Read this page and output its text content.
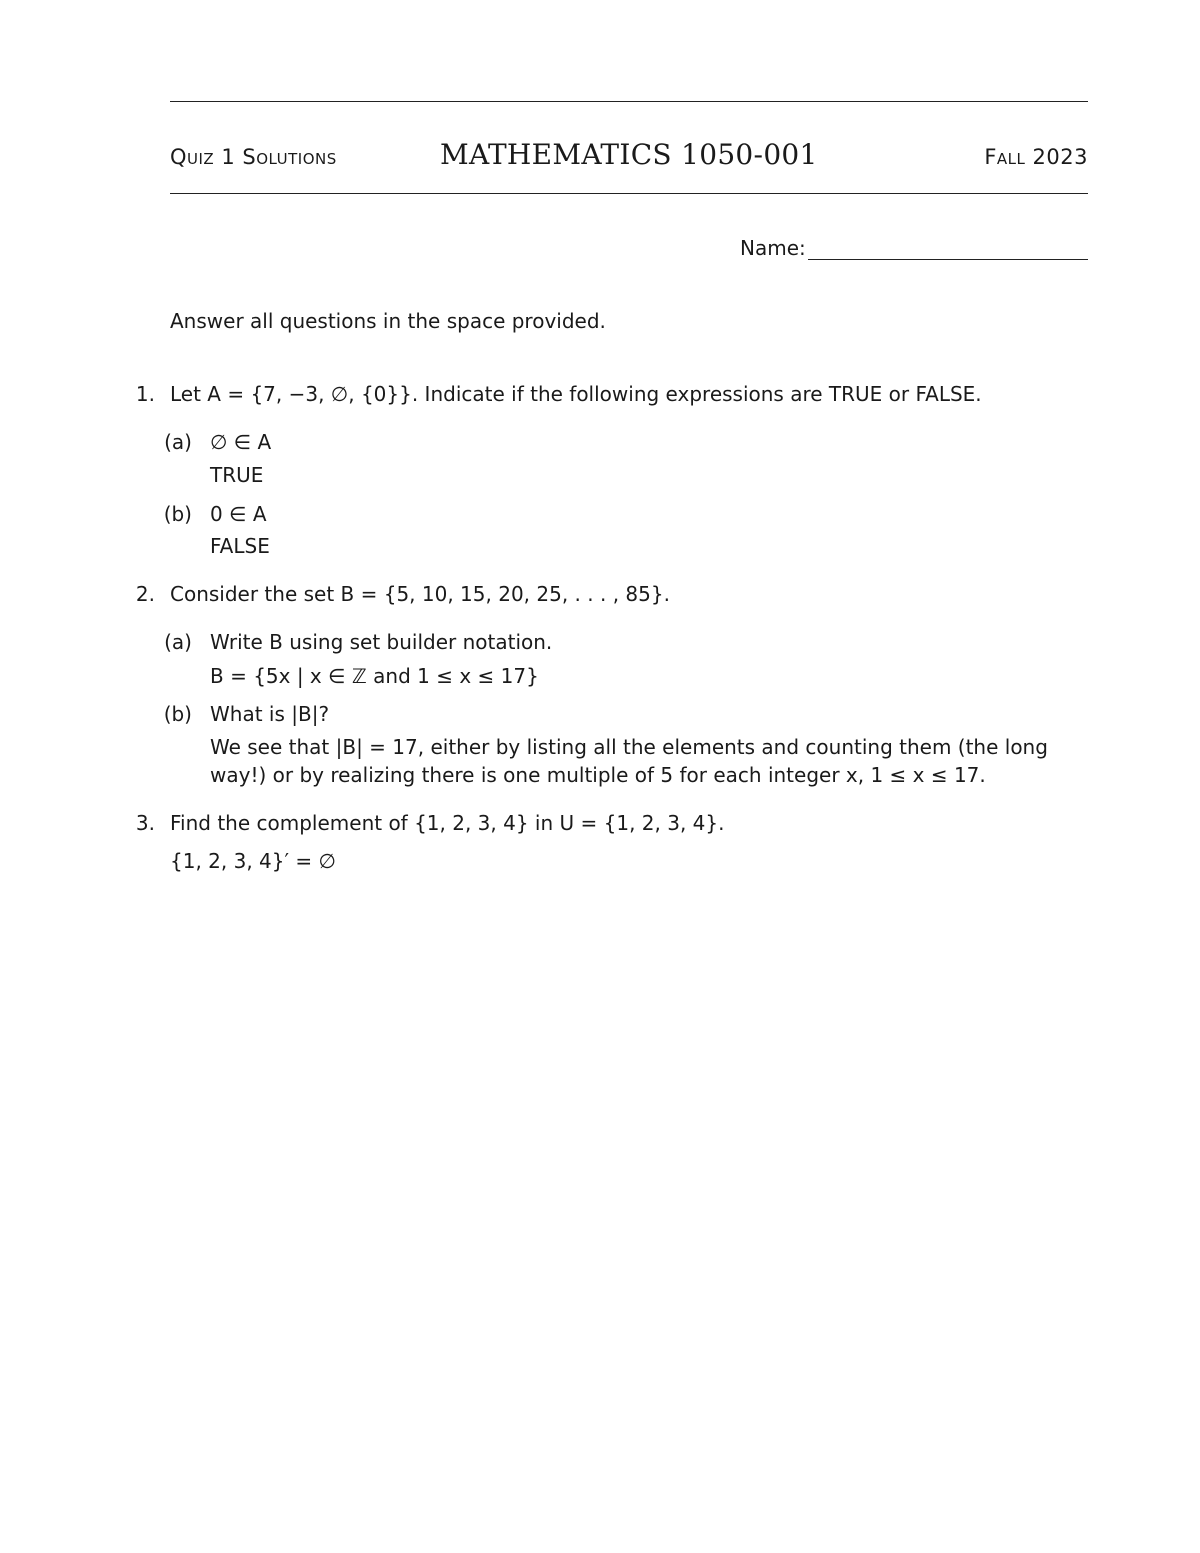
Quiz 1 Solutions	MATHEMATICS 1050-001	Fall 2023
Name:
Answer all questions in the space provided.
1. Let A = {7, −3, ∅, {0}}. Indicate if the following expressions are TRUE or FALSE.
(a) ∅ ∈ A
TRUE
(b) 0 ∈ A
FALSE
2. Consider the set B = {5, 10, 15, 20, 25, . . . , 85}.
(a) Write B using set builder notation.
B = {5x | x ∈ ℤ and 1 ≤ x ≤ 17}
(b) What is |B|?
We see that |B| = 17, either by listing all the elements and counting them (the long
way!) or by realizing there is one multiple of 5 for each integer x, 1 ≤ x ≤ 17.
3. Find the complement of {1, 2, 3, 4} in U = {1, 2, 3, 4}.
{1, 2, 3, 4}′ = ∅
